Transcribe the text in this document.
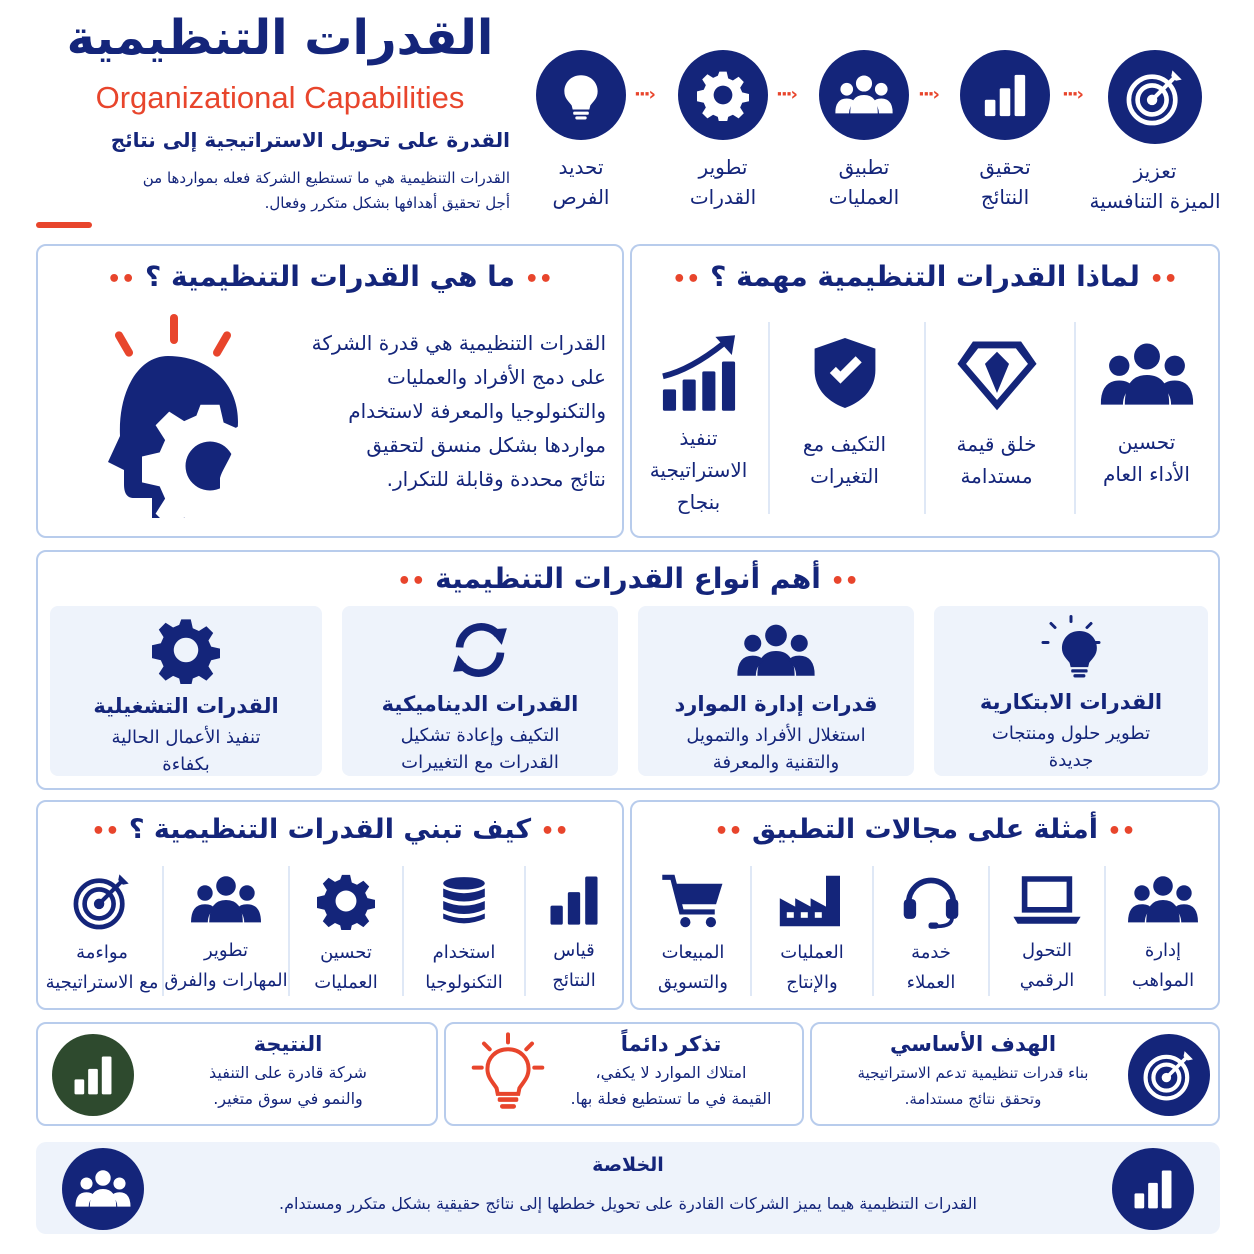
القدرات التنظيمية
Organizational Capabilities
القدرة على تحويل الاستراتيجية إلى نتائج
القدرات التنظيمية هي ما تستطيع الشركة فعله بمواردها من
أجل تحقيق أهدافها بشكل متكرر وفعال.
تحديد
الفرص
···›
تطوير
القدرات
···›
تطبيق
العمليات
···›
تحقيق
النتائج
···›
تعزيز
الميزة التنافسية
•• ما هي القدرات التنظيمية ؟ ••
القدرات التنظيمية هي قدرة الشركة
على دمج الأفراد والعمليات
والتكنولوجيا والمعرفة لاستخدام
مواردها بشكل منسق لتحقيق
نتائج محددة وقابلة للتكرار.
•• لماذا القدرات التنظيمية مهمة ؟ ••
تحسين
الأداء العام
خلق قيمة
مستدامة
التكيف مع
التغيرات
تنفيذ
الاستراتيجية
بنجاح
•• أهم أنواع القدرات التنظيمية ••
القدرات الابتكارية
تطوير حلول ومنتجات
جديدة
قدرات إدارة الموارد
استغلال الأفراد والتمويل
والتقنية والمعرفة
القدرات الديناميكية
التكيف وإعادة تشكيل
القدرات مع التغييرات
القدرات التشغيلية
تنفيذ الأعمال الحالية
بكفاءة
•• كيف تبني القدرات التنظيمية ؟ ••
قياس
النتائج
استخدام
التكنولوجيا
تحسين
العمليات
تطوير
المهارات والفرق
مواءمة
مع الاستراتيجية
•• أمثلة على مجالات التطبيق ••
إدارة
المواهب
التحول
الرقمي
خدمة
العملاء
العمليات
والإنتاج
المبيعات
والتسويق
النتيجة
شركة قادرة على التنفيذ
والنمو في سوق متغير.
تذكر دائماً
امتلاك الموارد لا يكفي،
القيمة في ما تستطيع فعلة بها.
الهدف الأساسي
بناء قدرات تنظيمية تدعم الاستراتيجية
وتحقق نتائج مستدامة.
الخلاصة
القدرات التنظيمية هيما يميز الشركات القادرة على تحويل خططها إلى نتائج حقيقية بشكل متكرر ومستدام.
